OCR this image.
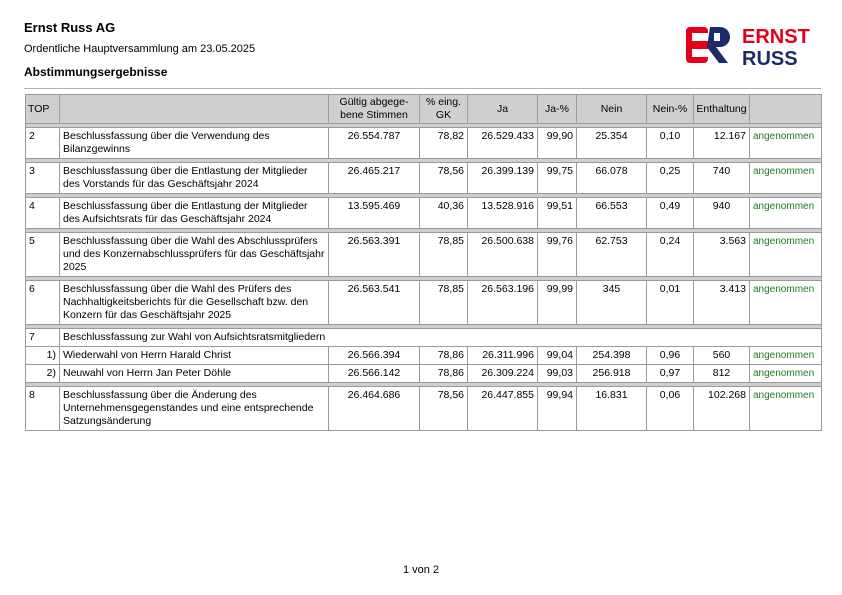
Ernst Russ AG
Ordentliche Hauptversammlung am 23.05.2025
Abstimmungsergebnisse
ERNST
RUSS
TOP		Gültig abgege-bene Stimmen	% eing. GK	Ja	Ja-%	Nein	Nein-%	Enthaltung	

2	Beschlussfassung über die Verwendung des Bilanzgewinns	26.554.787	78,82	26.529.433	99,90	25.354	0,10	12.167	angenommen

3	Beschlussfassung über die Entlastung der Mitglieder des Vorstands für das Geschäftsjahr 2024	26.465.217	78,56	26.399.139	99,75	66.078	0,25	740	angenommen

4	Beschlussfassung über die Entlastung der Mitglieder des Aufsichtsrats für das Geschäftsjahr 2024	13.595.469	40,36	13.528.916	99,51	66.553	0,49	940	angenommen

5	Beschlussfassung über die Wahl des Abschlussprüfers und des Konzernabschlussprüfers für das Geschäftsjahr 2025	26.563.391	78,85	26.500.638	99,76	62.753	0,24	3.563	angenommen

6	Beschlussfassung über die Wahl des Prüfers des Nachhaltigkeitsberichts für die Gesellschaft bzw. den Konzern für das Geschäftsjahr 2025	26.563.541	78,85	26.563.196	99,99	345	0,01	3.413	angenommen

7	Beschlussfassung zur Wahl von Aufsichtsratsmitgliedern								
1)	Wiederwahl von Herrn Harald Christ	26.566.394	78,86	26.311.996	99,04	254.398	0,96	560	angenommen
2)	Neuwahl von Herrn Jan Peter Döhle	26.566.142	78,86	26.309.224	99,03	256.918	0,97	812	angenommen

8	Beschlussfassung über die Änderung des Unternehmensgegenstandes und eine entsprechende Satzungsänderung	26.464.686	78,56	26.447.855	99,94	16.831	0,06	102.268	angenommen
1 von 2
